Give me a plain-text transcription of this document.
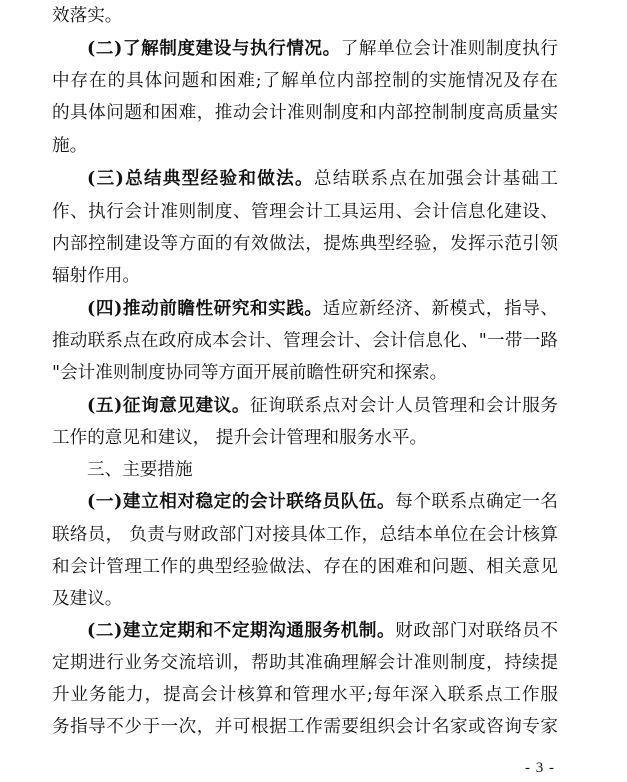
效落实。
(二)了解制度建设与执行情况。了解单位会计准则制度执行
中存在的具体问题和困难;了解单位内部控制的实施情况及存在
的具体问题和困难，推动会计准则制度和内部控制制度高质量实
施。
(三)总结典型经验和做法。总结联系点在加强会计基础工
作、执行会计准则制度、管理会计工具运用、会计信息化建设、
内部控制建设等方面的有效做法，提炼典型经验，发挥示范引领
辐射作用。
(四)推动前瞻性研究和实践。适应新经济、新模式，指导、
推动联系点在政府成本会计、管理会计、会计信息化、"一带一路
"会计准则制度协同等方面开展前瞻性研究和探索。
(五)征询意见建议。征询联系点对会计人员管理和会计服务
工作的意见和建议， 提升会计管理和服务水平。
三、主要措施
(一)建立相对稳定的会计联络员队伍。每个联系点确定一名
联络员， 负责与财政部门对接具体工作，总结本单位在会计核算
和会计管理工作的典型经验做法、存在的困难和问题、相关意见
及建议。
(二)建立定期和不定期沟通服务机制。财政部门对联络员不
定期进行业务交流培训，帮助其准确理解会计准则制度，持续提
升业务能力，提高会计核算和管理水平;每年深入联系点工作服
务指导不少于一次，并可根据工作需要组织会计名家或咨询专家
- 3 -
